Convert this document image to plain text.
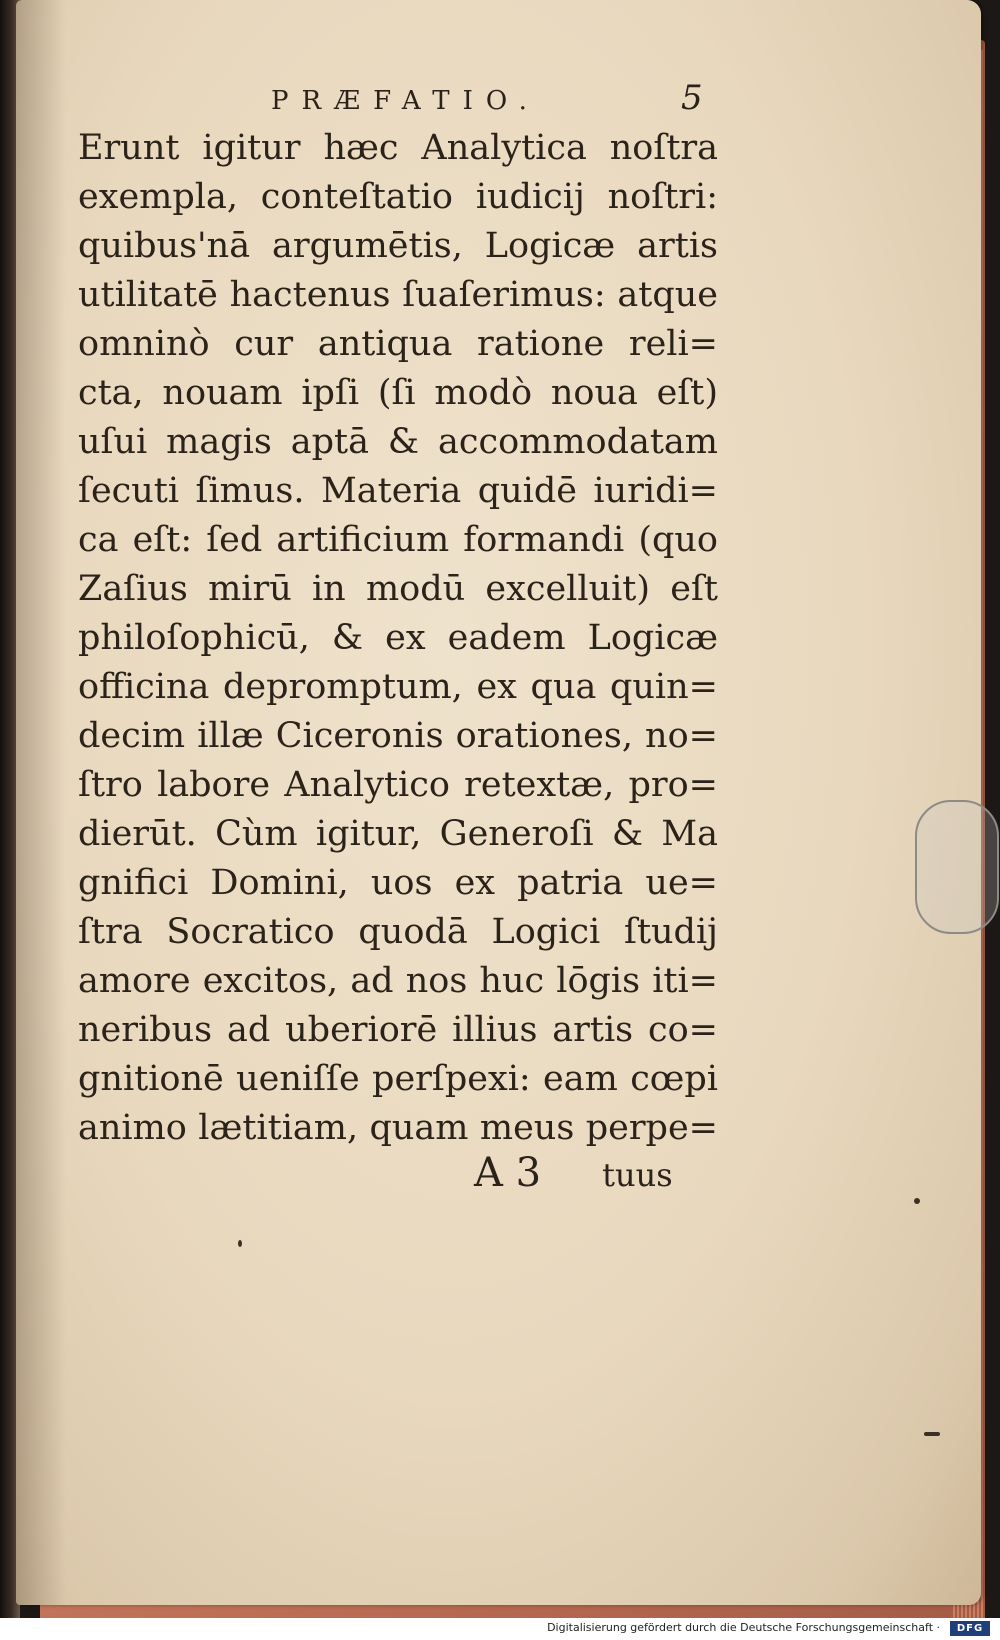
PRÆFATIO.	5
Erunt igitur hæc Analytica noſtra
exempla, conteſtatio iudicij noſtri:
quibus'nā argumētis, Logicæ artis
utilitatē hactenus ſuaſerimus: atque
omninò cur antiqua ratione reli=
cta, nouam ipſi (ſi modò noua eſt)
uſui magis aptā & accommodatam
ſecuti ſimus. Materia quidē iuridi=
ca eſt: ſed artificium formandi (quo
Zaſius mirū in modū excelluit) eſt
philoſophicū, & ex eadem Logicæ
officina depromptum, ex qua quin=
decim illæ Ciceronis orationes, no=
ſtro labore Analytico retextæ, pro=
dierūt. Cùm igitur, Generoſi & Ma
gnifici Domini, uos ex patria ue=
ſtra Socratico quodā Logici ſtudij
amore excitos, ad nos huc lōgis iti=
neribus ad uberiorē illius artis co=
gnitionē ueniſſe perſpexi: eam cœpi
animo lætitiam, quam meus perpe=
A 3 tuus
Digitalisierung gefördert durch die Deutsche Forschungsgemeinschaft ·	DFG
